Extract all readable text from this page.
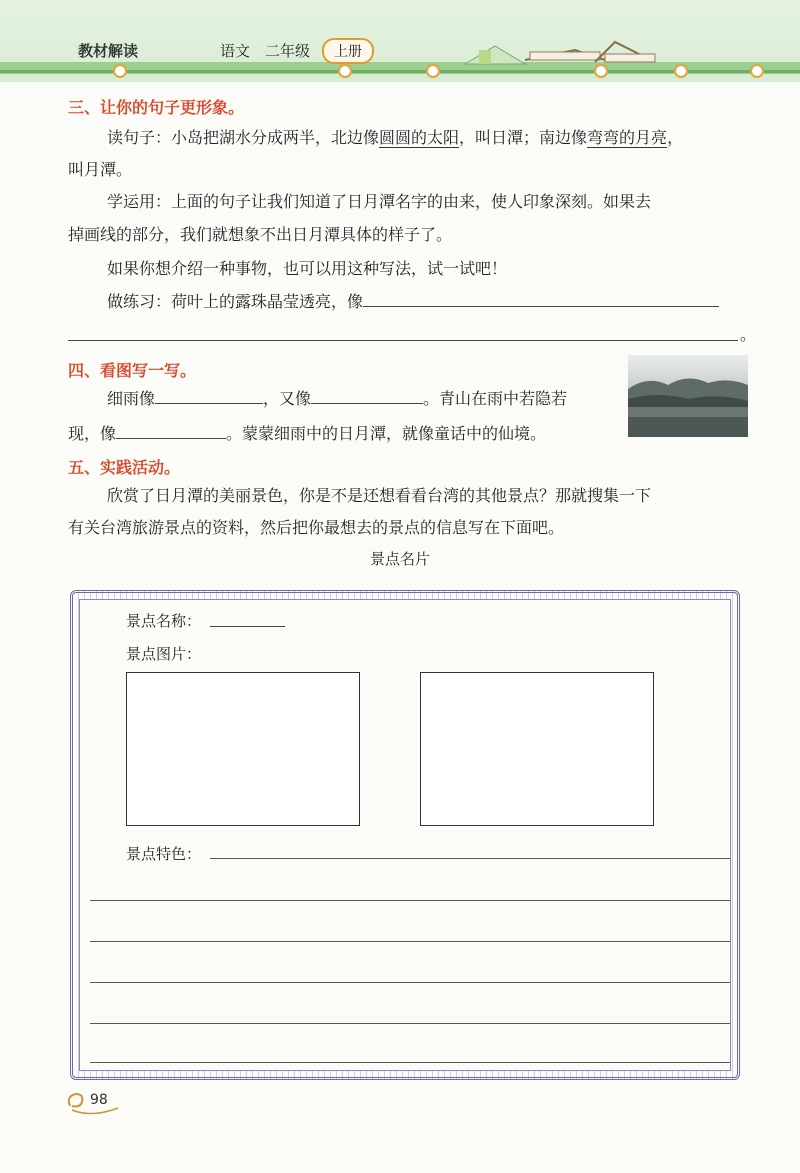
教材解读	语文 二年级	上册
三、让你的句子更形象。
读句子：小岛把湖水分成两半，北边像圆圆的太阳，叫日潭；南边像弯弯的月亮，
叫月潭。
学运用：上面的句子让我们知道了日月潭名字的由来，使人印象深刻。如果去
掉画线的部分，我们就想象不出日月潭具体的样子了。
如果你想介绍一种事物，也可以用这种写法，试一试吧！
做练习：荷叶上的露珠晶莹透亮，像
。
四、看图写一写。
细雨像	，又像	。青山在雨中若隐若
现，像	。蒙蒙细雨中的日月潭，就像童话中的仙境。
五、实践活动。
欣赏了日月潭的美丽景色，你是不是还想看看台湾的其他景点？那就搜集一下
有关台湾旅游景点的资料，然后把你最想去的景点的信息写在下面吧。
景点名片
景点名称：
景点图片：
景点特色：
98
